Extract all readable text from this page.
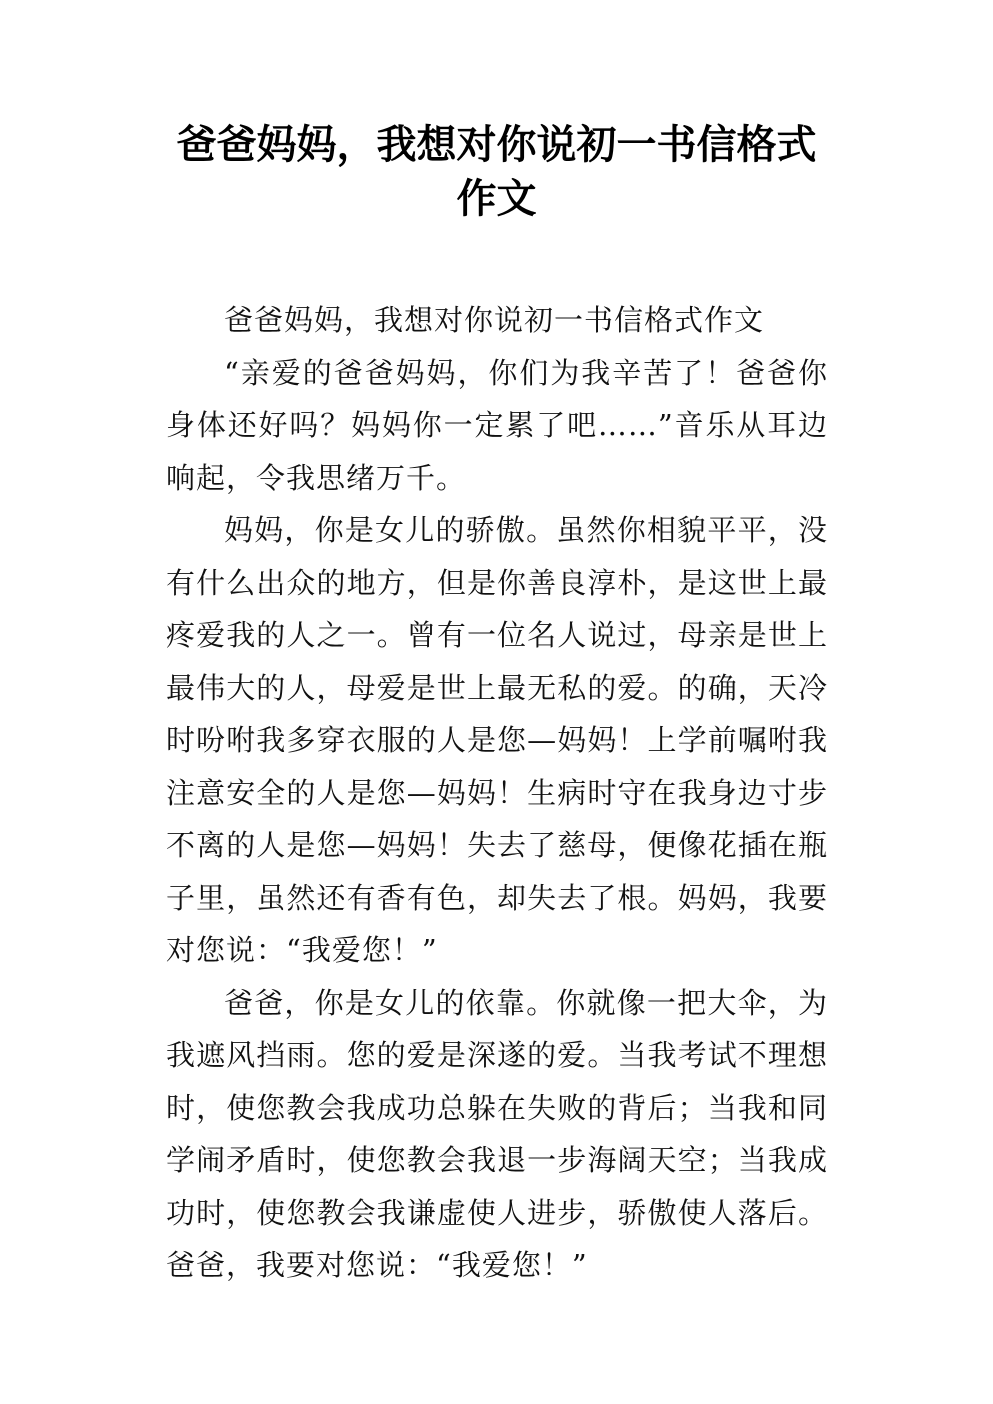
爸爸妈妈，我想对你说初一书信格式
作文

爸爸妈妈，我想对你说初一书信格式作文

“亲爱的爸爸妈妈，你们为我辛苦了！爸爸你身体还好吗？妈妈你一定累了吧……”音乐从耳边响起，令我思绪万千。

妈妈，你是女儿的骄傲。虽然你相貌平平，没有什么出众的地方，但是你善良淳朴，是这世上最疼爱我的人之一。曾有一位名人说过，母亲是世上最伟大的人，母爱是世上最无私的爱。的确，天冷时吩咐我多穿衣服的人是您—妈妈！上学前嘱咐我注意安全的人是您—妈妈！生病时守在我身边寸步不离的人是您—妈妈！失去了慈母，便像花插在瓶子里，虽然还有香有色，却失去了根。妈妈，我要对您说：“我爱您！”

爸爸，你是女儿的依靠。你就像一把大伞，为我遮风挡雨。您的爱是深遂的爱。当我考试不理想时，使您教会我成功总躲在失败的背后；当我和同学闹矛盾时，使您教会我退一步海阔天空；当我成功时，使您教会我谦虚使人进步，骄傲使人落后。爸爸，我要对您说：“我爱您！”
